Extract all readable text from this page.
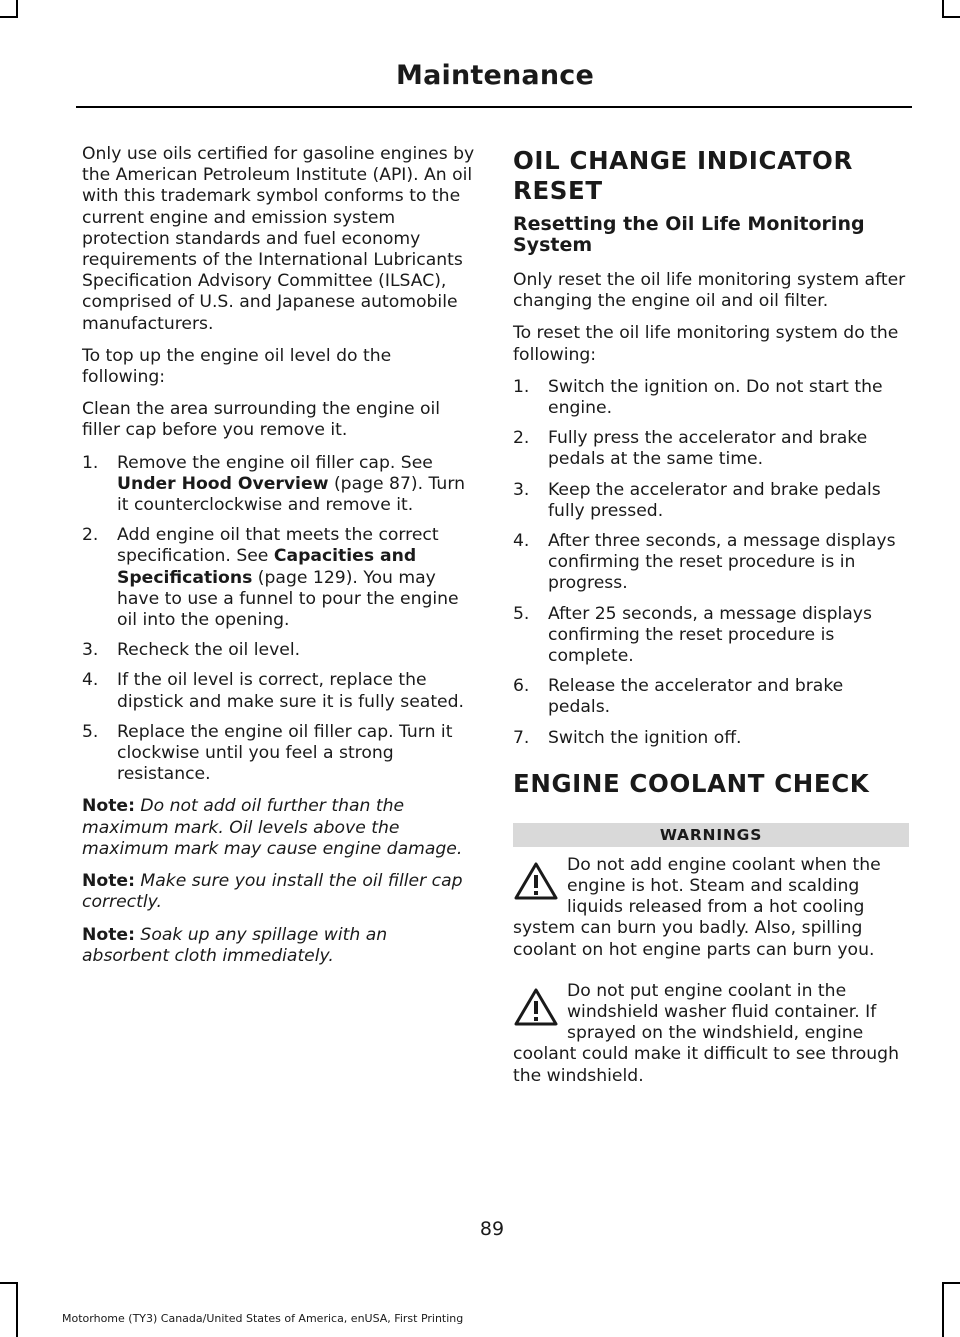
Maintenance

Only use oils certified for gasoline engines by the American Petroleum Institute (API). An oil with this trademark symbol conforms to the current engine and emission system protection standards and fuel economy requirements of the International Lubricants Specification Advisory Committee (ILSAC), comprised of U.S. and Japanese automobile manufacturers.

To top up the engine oil level do the following:

Clean the area surrounding the engine oil filler cap before you remove it.

1. Remove the engine oil filler cap. See Under Hood Overview (page 87). Turn it counterclockwise and remove it.
2. Add engine oil that meets the correct specification. See Capacities and Specifications (page 129). You may have to use a funnel to pour the engine oil into the opening.
3. Recheck the oil level.
4. If the oil level is correct, replace the dipstick and make sure it is fully seated.
5. Replace the engine oil filler cap. Turn it clockwise until you feel a strong resistance.

Note: Do not add oil further than the maximum mark. Oil levels above the maximum mark may cause engine damage.

Note: Make sure you install the oil filler cap correctly.

Note: Soak up any spillage with an absorbent cloth immediately.

OIL CHANGE INDICATOR RESET
Resetting the Oil Life Monitoring System

Only reset the oil life monitoring system after changing the engine oil and oil filter.

To reset the oil life monitoring system do the following:

1. Switch the ignition on. Do not start the engine.
2. Fully press the accelerator and brake pedals at the same time.
3. Keep the accelerator and brake pedals fully pressed.
4. After three seconds, a message displays confirming the reset procedure is in progress.
5. After 25 seconds, a message displays confirming the reset procedure is complete.
6. Release the accelerator and brake pedals.
7. Switch the ignition off.
ENGINE COOLANT CHECK
WARNINGS
Do not add engine coolant when the engine is hot. Steam and scalding liquids released from a hot cooling system can burn you badly. Also, spilling coolant on hot engine parts can burn you.
Do not put engine coolant in the windshield washer fluid container. If sprayed on the windshield, engine coolant could make it difficult to see through the windshield.
89
Motorhome (TY3) Canada/United States of America, enUSA, First Printing
